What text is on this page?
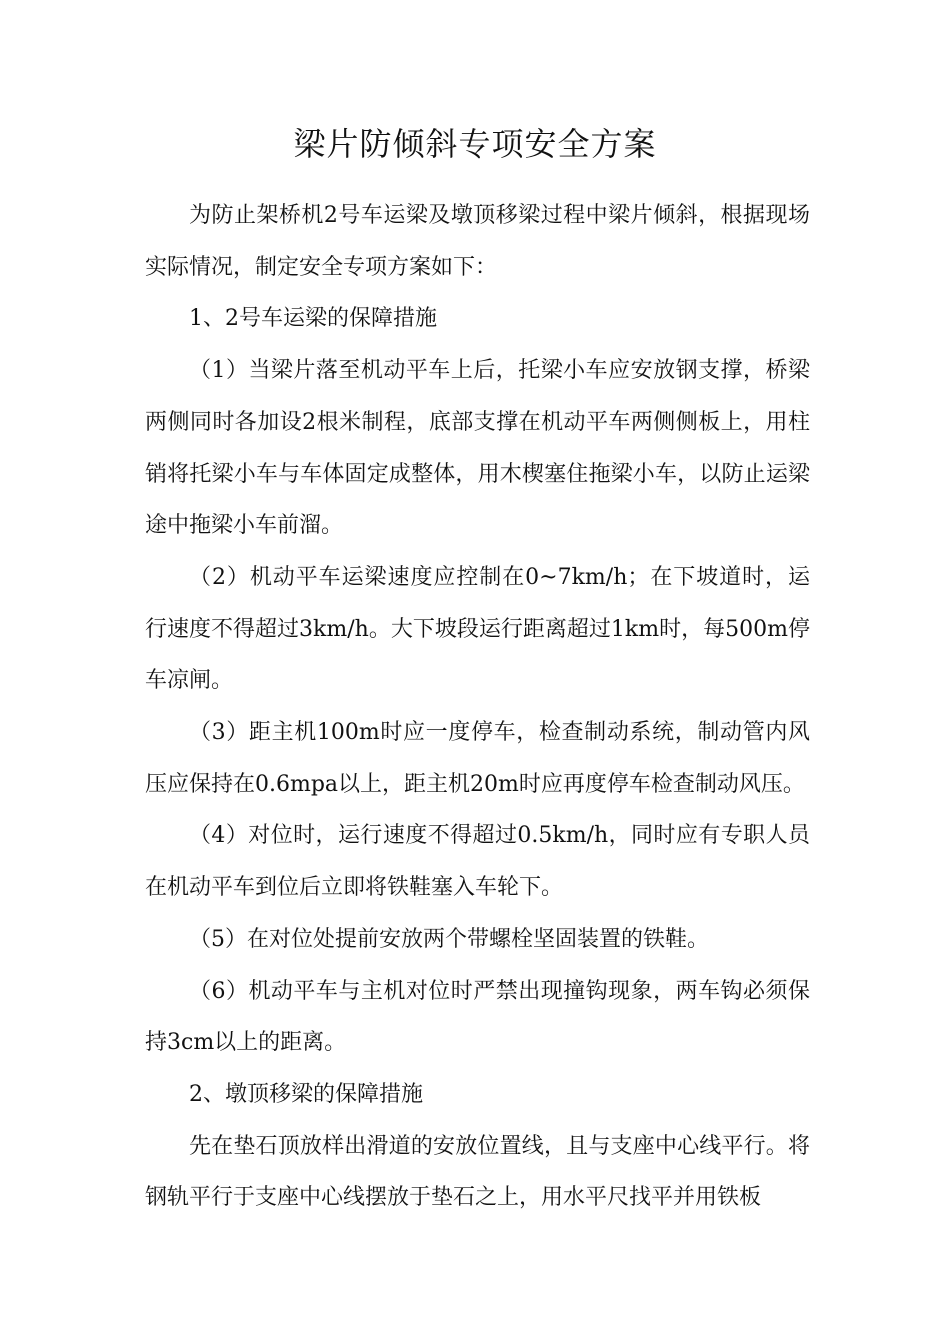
梁片防倾斜专项安全方案

为防止架桥机2号车运梁及墩顶移梁过程中梁片倾斜，根据现场实际情况，制定安全专项方案如下：

1、2号车运梁的保障措施

（1）当梁片落至机动平车上后，托梁小车应安放钢支撑，桥梁两侧同时各加设2根米制程，底部支撑在机动平车两侧侧板上，用柱销将托梁小车与车体固定成整体，用木楔塞住拖梁小车，以防止运梁途中拖梁小车前溜。

（2）机动平车运梁速度应控制在0~7km/h；在下坡道时，运行速度不得超过3km/h。大下坡段运行距离超过1km时，每500m停车凉闸。

（3）距主机100m时应一度停车，检查制动系统，制动管内风压应保持在0.6mpa以上，距主机20m时应再度停车检查制动风压。

（4）对位时，运行速度不得超过0.5km/h，同时应有专职人员在机动平车到位后立即将铁鞋塞入车轮下。

（5）在对位处提前安放两个带螺栓坚固装置的铁鞋。

（6）机动平车与主机对位时严禁出现撞钩现象，两车钩必须保持3cm以上的距离。

2、墩顶移梁的保障措施

先在垫石顶放样出滑道的安放位置线，且与支座中心线平行。将钢轨平行于支座中心线摆放于垫石之上，用水平尺找平并用铁板
